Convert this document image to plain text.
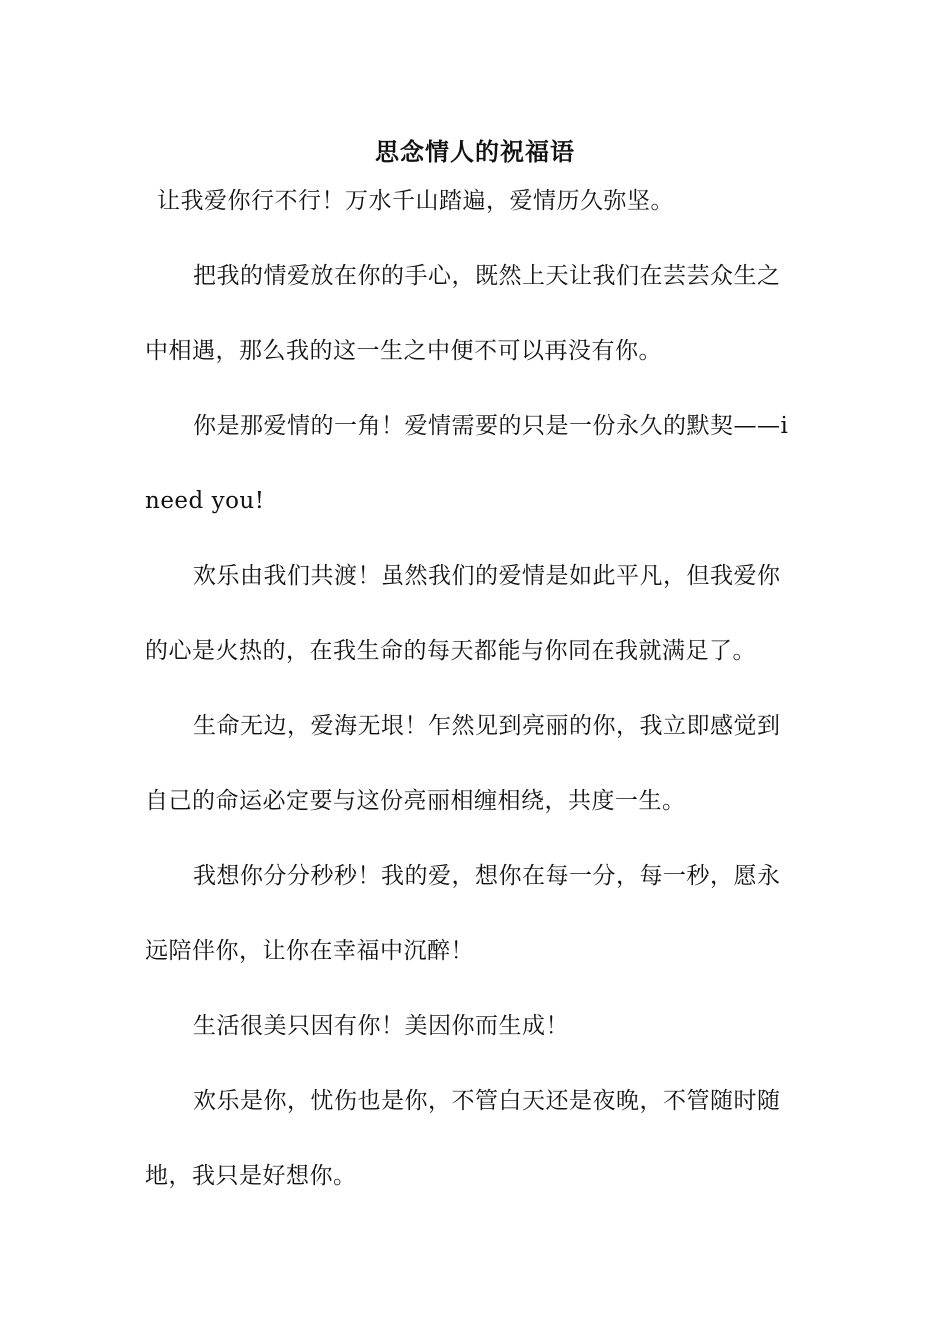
思念情人的祝福语
让我爱你行不行！万水千山踏遍，爱情历久弥坚。
把我的情爱放在你的手心，既然上天让我们在芸芸众生之
中相遇，那么我的这一生之中便不可以再没有你。
你是那爱情的一角！爱情需要的只是一份永久的默契——i
need you!
欢乐由我们共渡！虽然我们的爱情是如此平凡，但我爱你
的心是火热的，在我生命的每天都能与你同在我就满足了。
生命无边，爱海无垠！乍然见到亮丽的你，我立即感觉到
自己的命运必定要与这份亮丽相缠相绕，共度一生。
我想你分分秒秒！我的爱，想你在每一分，每一秒，愿永
远陪伴你，让你在幸福中沉醉！
生活很美只因有你！美因你而生成！
欢乐是你，忧伤也是你，不管白天还是夜晚，不管随时随
地，我只是好想你。
